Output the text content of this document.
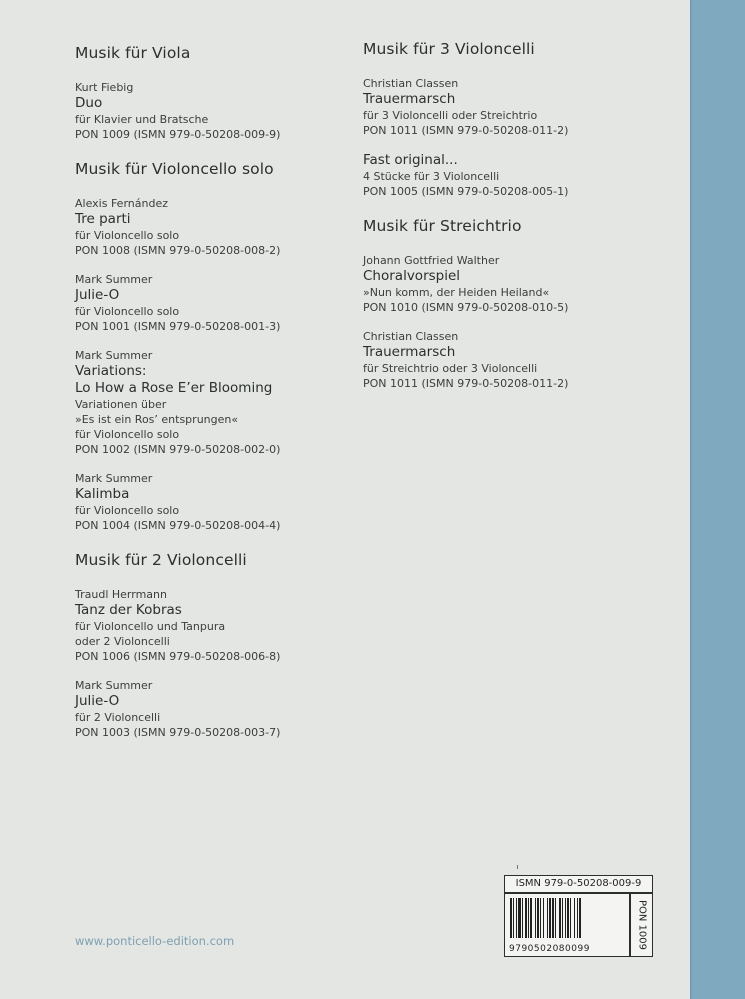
Musik für Viola
Kurt Fiebig
Duo
für Klavier und Bratsche
PON 1009 (ISMN 979-0-50208-009-9)
Musik für Violoncello solo
Alexis Fernández
Tre parti
für Violoncello solo
PON 1008 (ISMN 979-0-50208-008-2)
Mark Summer
Julie-O
für Violoncello solo
PON 1001 (ISMN 979-0-50208-001-3)
Mark Summer
Variations:
Lo How a Rose E’er Blooming
Variationen über
»Es ist ein Ros’ entsprungen«
für Violoncello solo
PON 1002 (ISMN 979-0-50208-002-0)
Mark Summer
Kalimba
für Violoncello solo
PON 1004 (ISMN 979-0-50208-004-4)
Musik für 2 Violoncelli
Traudl Herrmann
Tanz der Kobras
für Violoncello und Tanpura
oder 2 Violoncelli
PON 1006 (ISMN 979-0-50208-006-8)
Mark Summer
Julie-O
für 2 Violoncelli
PON 1003 (ISMN 979-0-50208-003-7)
Musik für 3 Violoncelli
Christian Classen
Trauermarsch
für 3 Violoncelli oder Streichtrio
PON 1011 (ISMN 979-0-50208-011-2)
Fast original...
4 Stücke für 3 Violoncelli
PON 1005 (ISMN 979-0-50208-005-1)
Musik für Streichtrio
Johann Gottfried Walther
Choralvorspiel
»Nun komm, der Heiden Heiland«
PON 1010 (ISMN 979-0-50208-010-5)
Christian Classen
Trauermarsch
für Streichtrio oder 3 Violoncelli
PON 1011 (ISMN 979-0-50208-011-2)
www.ponticello-edition.com
ISMN 979-0-50208-009-9
9790502080099	PON 1009
